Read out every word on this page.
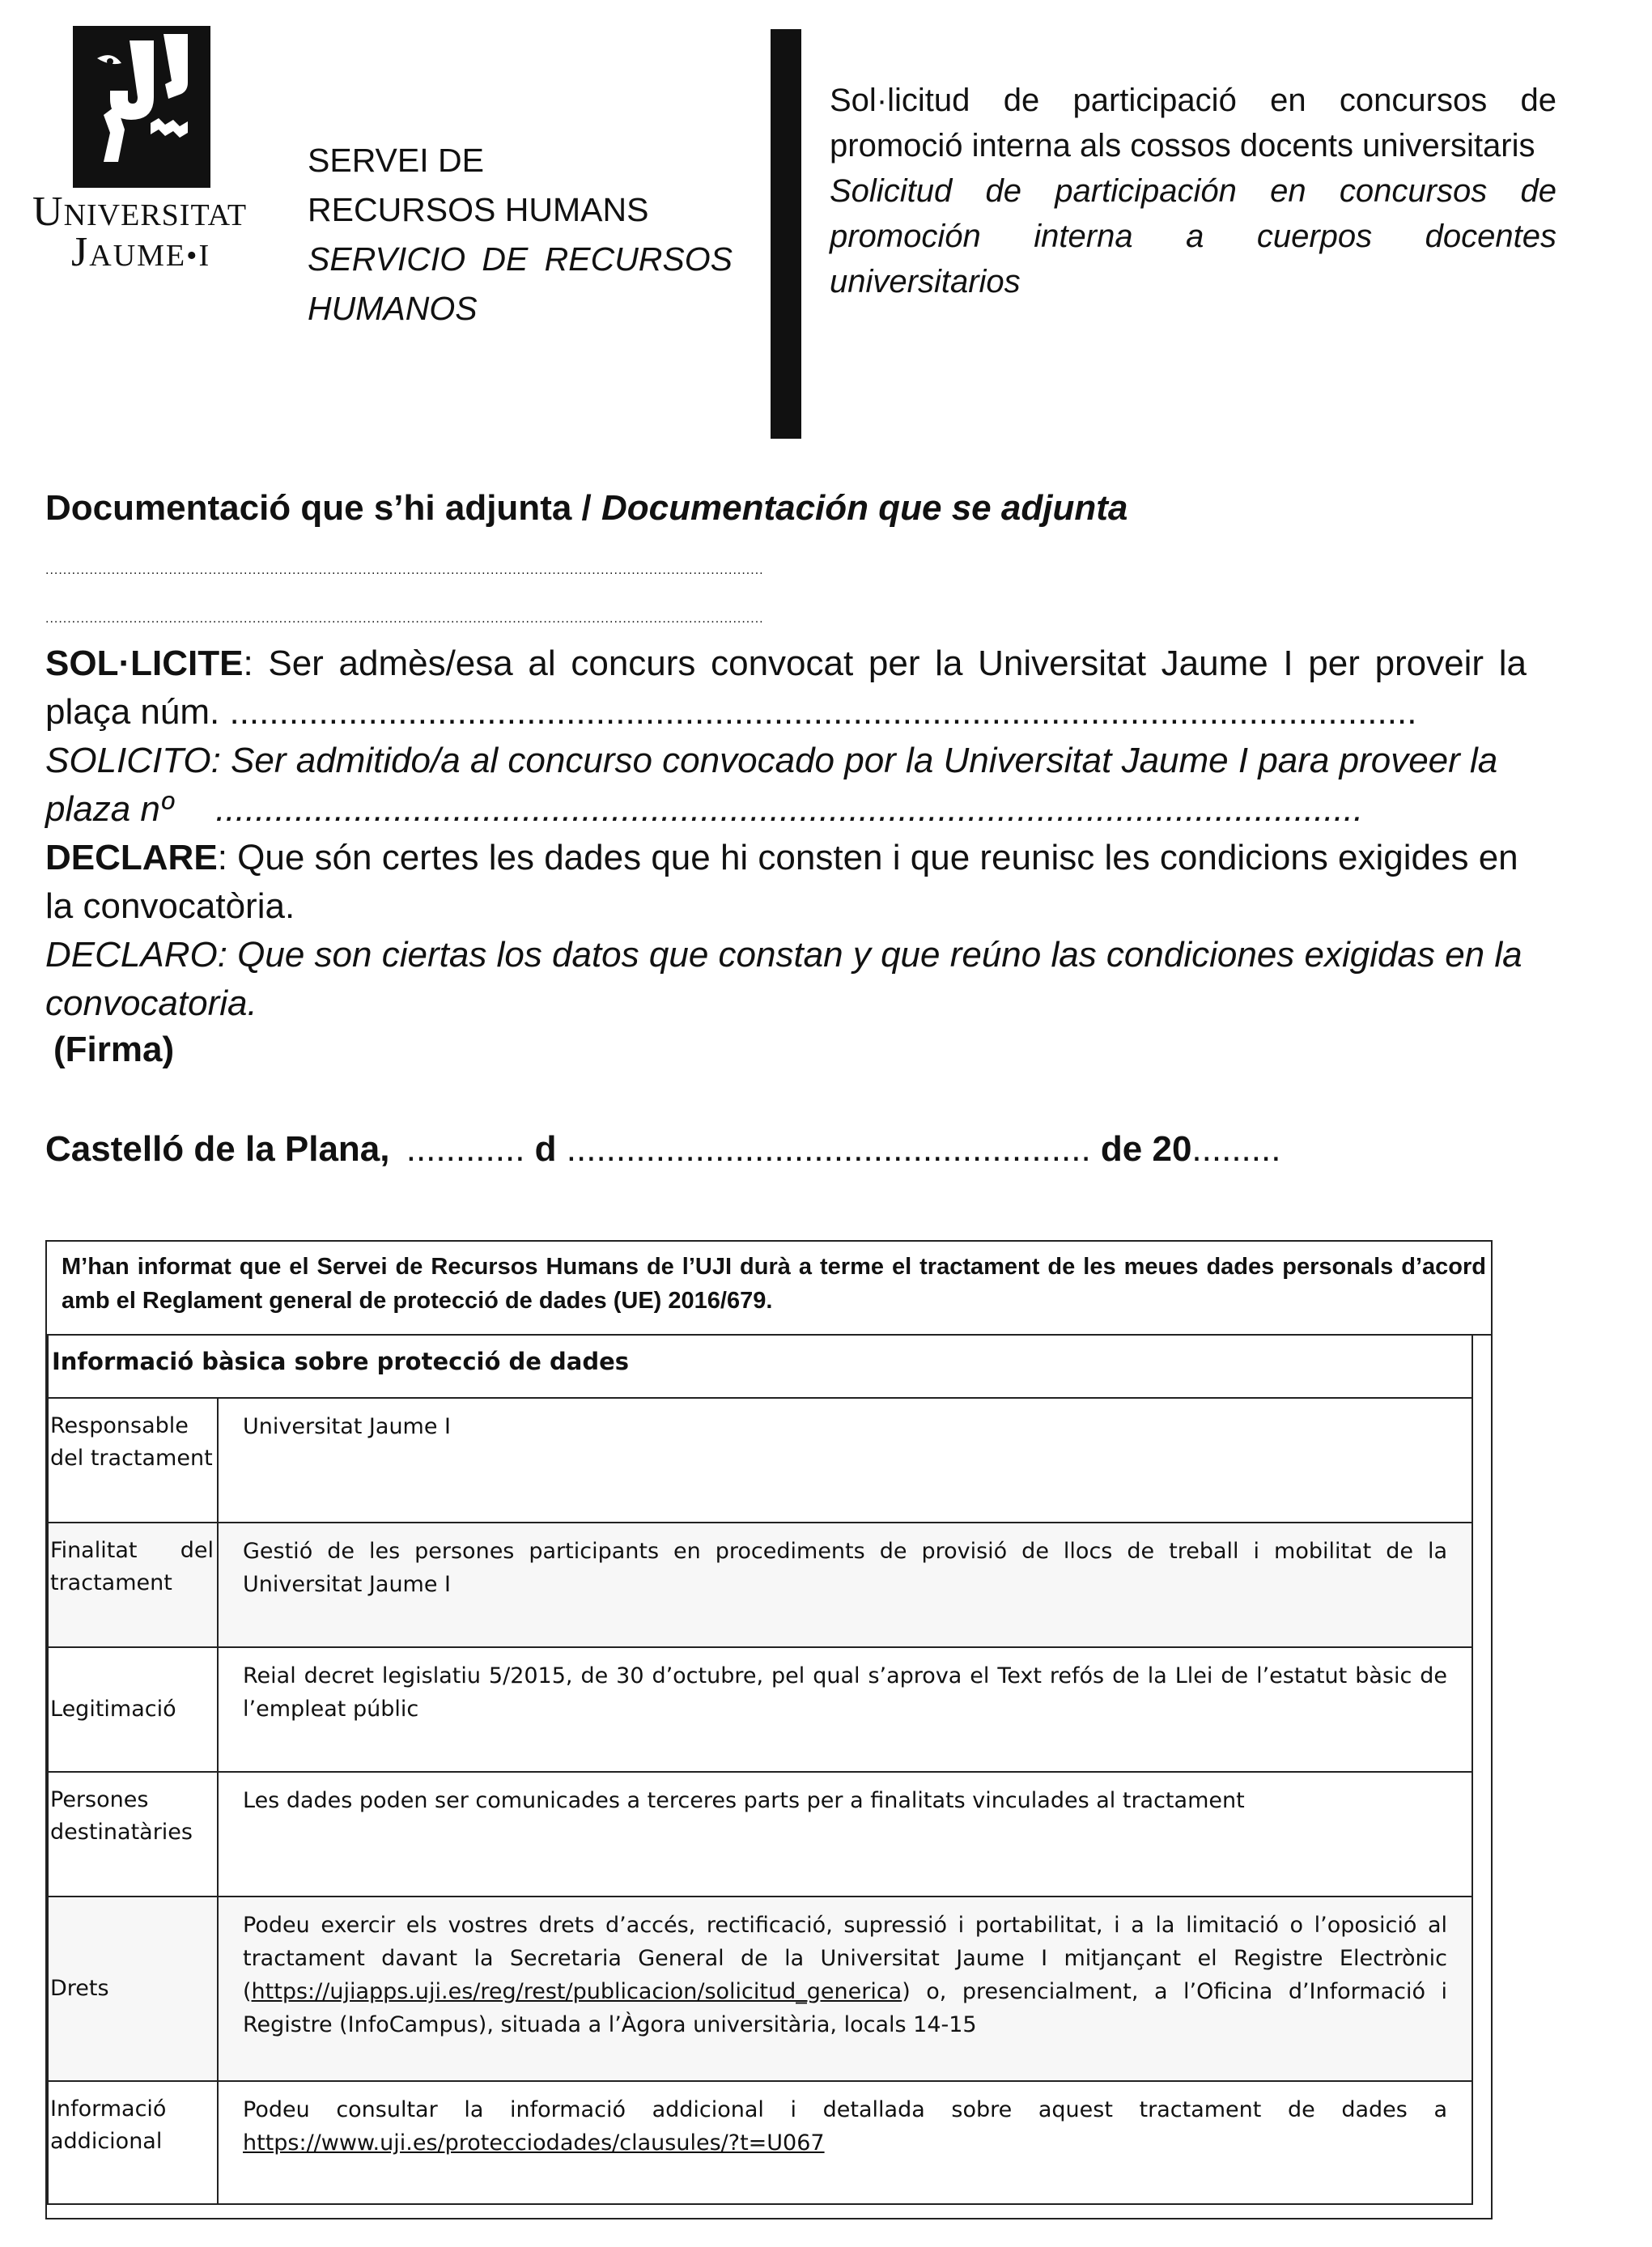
UNIVERSITAT
JAUME•I
SERVEI DE
RECURSOS HUMANS
SERVICIO DE RECURSOS HUMANOS
Sol·licitud de participació en concursos de promoció interna als cossos docents universitaris
Solicitud de participación en concursos de promoción interna a cuerpos docentes universitarios
Documentació que s’hi adjunta / Documentación que se adjunta
...................................................................................................................................................................
...................................................................................................................................................................
SOL·LICITE: Ser admès/esa al concurs convocat per la Universitat Jaume I per proveir la plaça núm. ........................................................................................................................
SOLICITO: Ser admitido/a al concurso convocado por la Universitat Jaume I para proveer la plaza nº ....................................................................................................................
DECLARE: Que són certes les dades que hi consten i que reunisc les condicions exigides en la convocatòria.
DECLARO: Que son ciertas los datos que constan y que reúno las condiciones exigidas en la convocatoria.
(Firma)
Castelló de la Plana, ............ d ..................................................... de 20.........
M’han informat que el Servei de Recursos Humans de l’UJI durà a terme el tractament de les meues dades personals d’acord amb el Reglament general de protecció de dades (UE) 2016/679.
Informació bàsica sobre protecció de dades
Responsable del tractament
Universitat Jaume I
Finalitat del tractament
Gestió de les persones participants en procediments de provisió de llocs de treball i mobilitat de la Universitat Jaume I
Legitimació
Reial decret legislatiu 5/2015, de 30 d’octubre, pel qual s’aprova el Text refós de la Llei de l’estatut bàsic de l’empleat públic
Persones destinatàries
Les dades poden ser comunicades a terceres parts per a finalitats vinculades al tractament
Drets
Podeu exercir els vostres drets d’accés, rectificació, supressió i portabilitat, i a la limitació o l’oposició al tractament davant la Secretaria General de la Universitat Jaume I mitjançant el Registre Electrònic (https://ujiapps.uji.es/reg/rest/publicacion/solicitud_generica) o, presencialment, a l’Oficina d’Informació i Registre (InfoCampus), situada a l’Àgora universitària, locals 14-15
Informació addicional
Podeu consultar la informació addicional i detallada sobre aquest tractament de dades a https://www.uji.es/protecciodades/clausules/?t=U067
